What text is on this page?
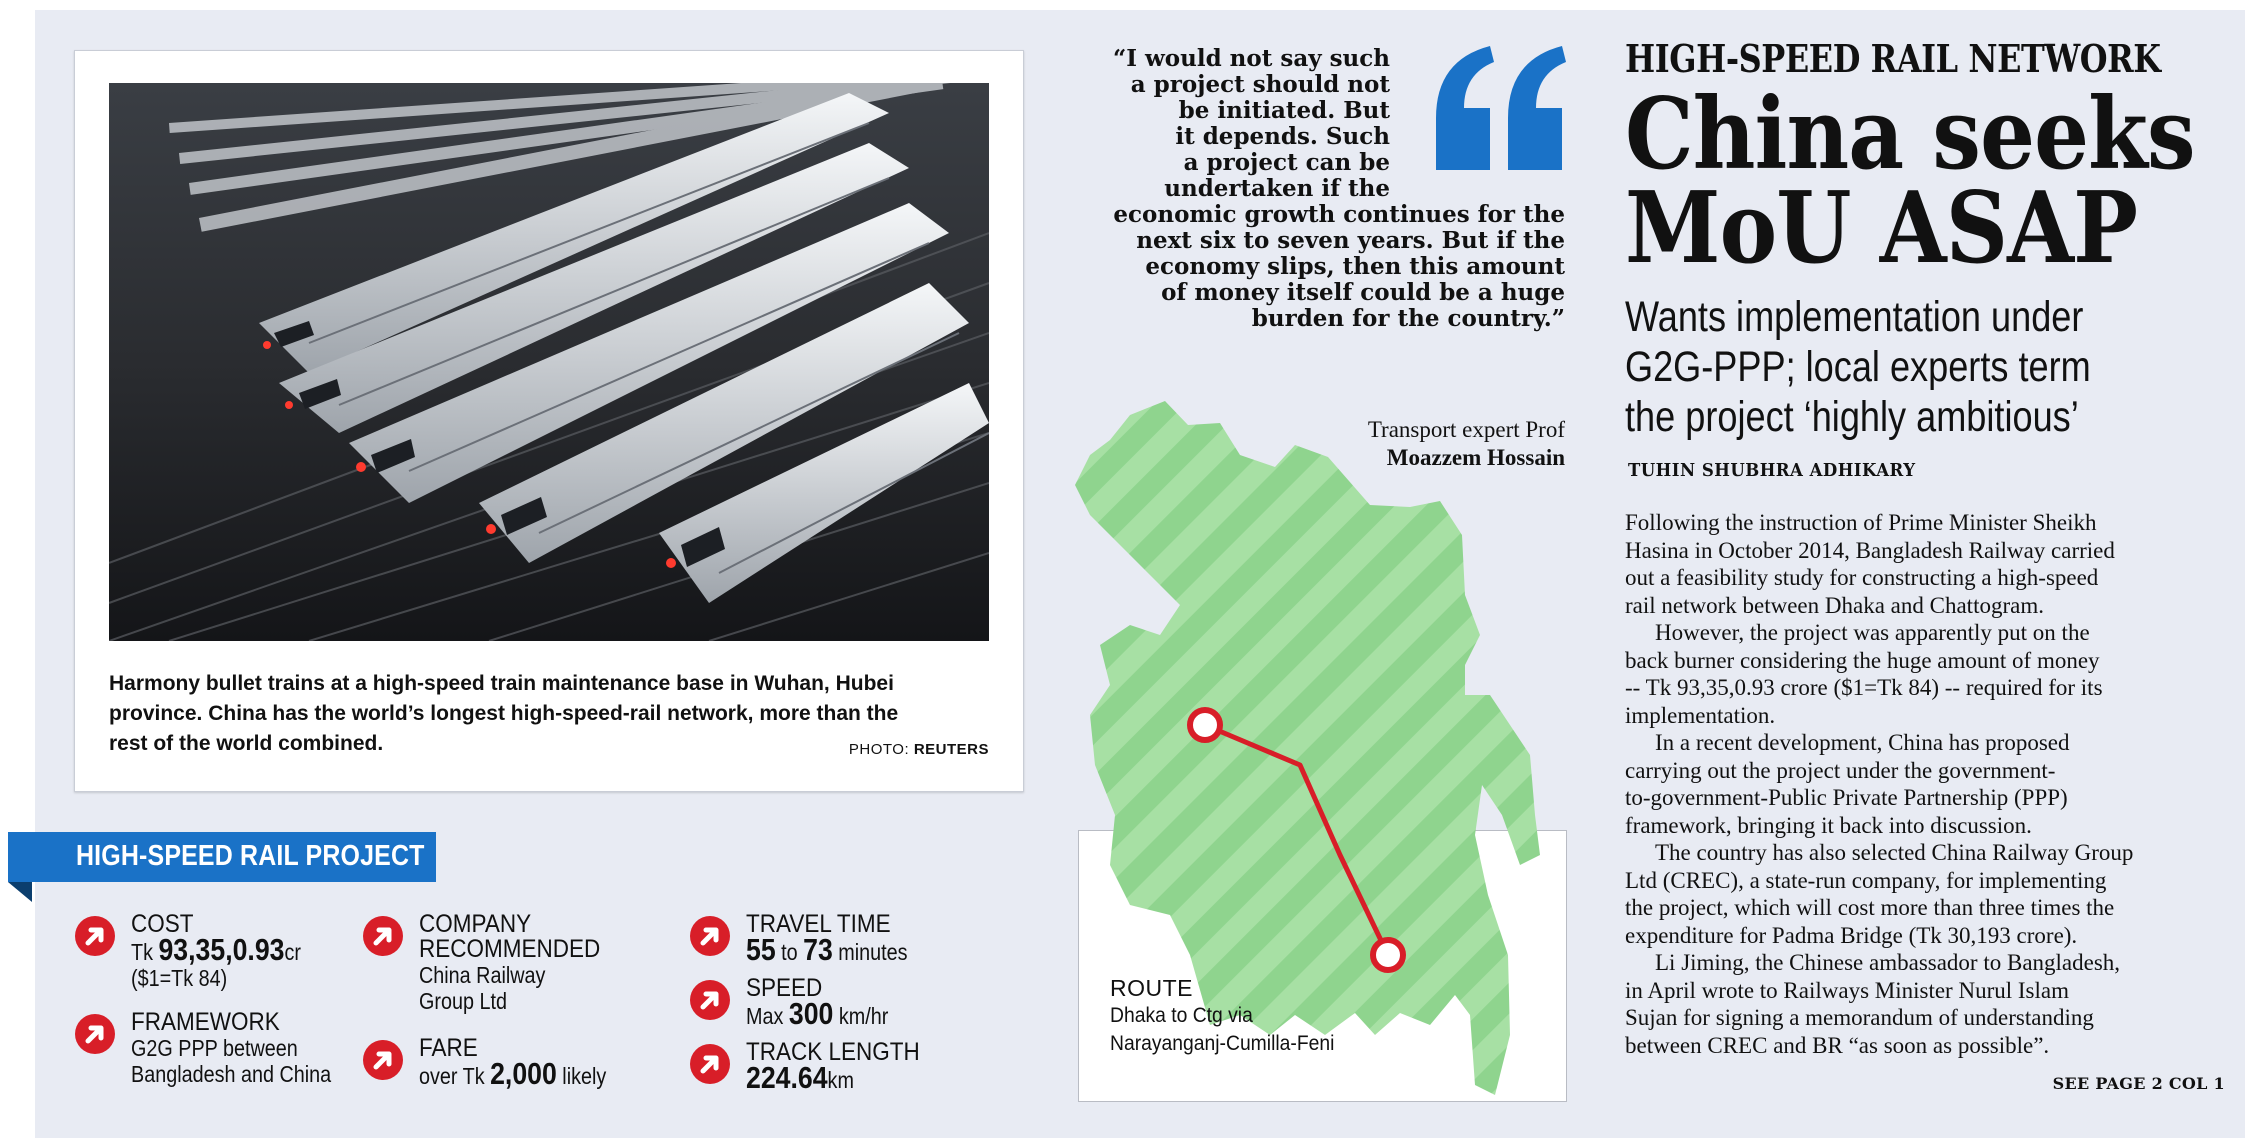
Harmony bullet trains at a high-speed train maintenance base in Wuhan, Hubei
province. China has the world’s longest high-speed-rail network, more than the
rest of the world combined.	PHOTO: REUTERS
HIGH-SPEED RAIL PROJECT
COST
Tk 93,35,0.93cr
($1=Tk 84)
FRAMEWORK
G2G PPP between
Bangladesh and China
COMPANY
RECOMMENDED
China Railway
Group Ltd
FARE
over Tk 2,000 likely
TRAVEL TIME
55 to 73 minutes
SPEED
Max 300 km/hr
TRACK LENGTH
224.64km
“I would not say such
a project should not
be initiated. But
it depends. Such
a project can be
undertaken if the
economic growth continues for the
next six to seven years. But if the
economy slips, then this amount
of money itself could be a huge
burden for the country.”
Transport expert Prof
Moazzem Hossain
ROUTE
Dhaka to Ctg via
Narayanganj-Cumilla-Feni
HIGH-SPEED RAIL NETWORK
China seeks
MoU ASAP
Wants implementation under
G2G-PPP; local experts term
the project ‘highly ambitious’
TUHIN SHUBHRA ADHIKARY
Following the instruction of Prime Minister Sheikh
Hasina in October 2014, Bangladesh Railway carried
out a feasibility study for constructing a high-speed
rail network between Dhaka and Chattogram.
However, the project was apparently put on the
back burner considering the huge amount of money
-- Tk 93,35,0.93 crore ($1=Tk 84) -- required for its
implementation.
In a recent development, China has proposed
carrying out the project under the government-
to-government-Public Private Partnership (PPP)
framework, bringing it back into discussion.
The country has also selected China Railway Group
Ltd (CREC), a state-run company, for implementing
the project, which will cost more than three times the
expenditure for Padma Bridge (Tk 30,193 crore).
Li Jiming, the Chinese ambassador to Bangladesh,
in April wrote to Railways Minister Nurul Islam
Sujan for signing a memorandum of understanding
between CREC and BR “as soon as possible”.
SEE PAGE 2 COL 1
